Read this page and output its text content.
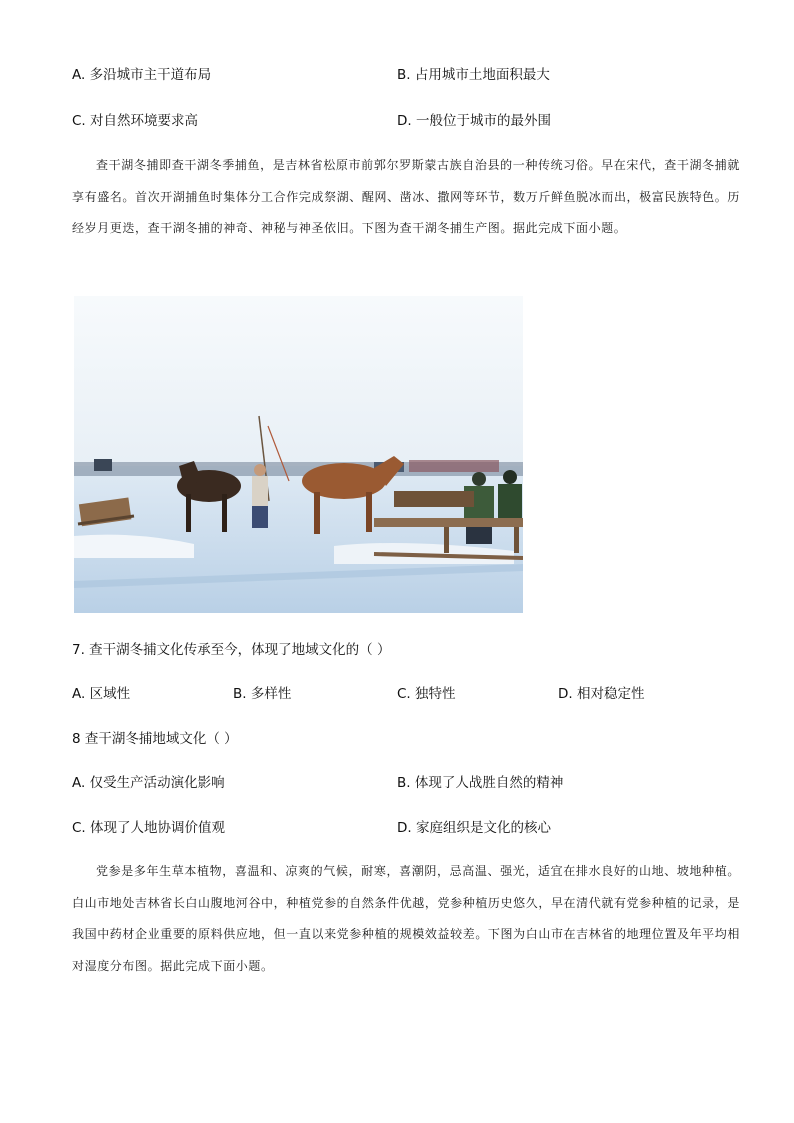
A. 多沿城市主干道布局	B. 占用城市土地面积最大
C. 对自然环境要求高	D. 一般位于城市的最外围

查干湖冬捕即查干湖冬季捕鱼，是吉林省松原市前郭尔罗斯蒙古族自治县的一种传统习俗。早在宋代，查干湖冬捕就享有盛名。首次开湖捕鱼时集体分工合作完成祭湖、醒网、凿冰、撒网等环节，数万斤鲜鱼脱冰而出，极富民族特色。历经岁月更迭，查干湖冬捕的神奇、神秘与神圣依旧。下图为查干湖冬捕生产图。据此完成下面小题。

7. 查干湖冬捕文化传承至今，体现了地域文化的（ ）
A. 区域性	B. 多样性	C. 独特性	D. 相对稳定性
8 查干湖冬捕地域文化（ ）
A. 仅受生产活动演化影响	B. 体现了人战胜自然的精神
C. 体现了人地协调价值观	D. 家庭组织是文化的核心

党参是多年生草本植物，喜温和、凉爽的气候，耐寒，喜潮阴，忌高温、强光，适宜在排水良好的山地、坡地种植。白山市地处吉林省长白山腹地河谷中，种植党参的自然条件优越，党参种植历史悠久，早在清代就有党参种植的记录，是我国中药材企业重要的原料供应地，但一直以来党参种植的规模效益较差。下图为白山市在吉林省的地理位置及年平均相对湿度分布图。据此完成下面小题。
